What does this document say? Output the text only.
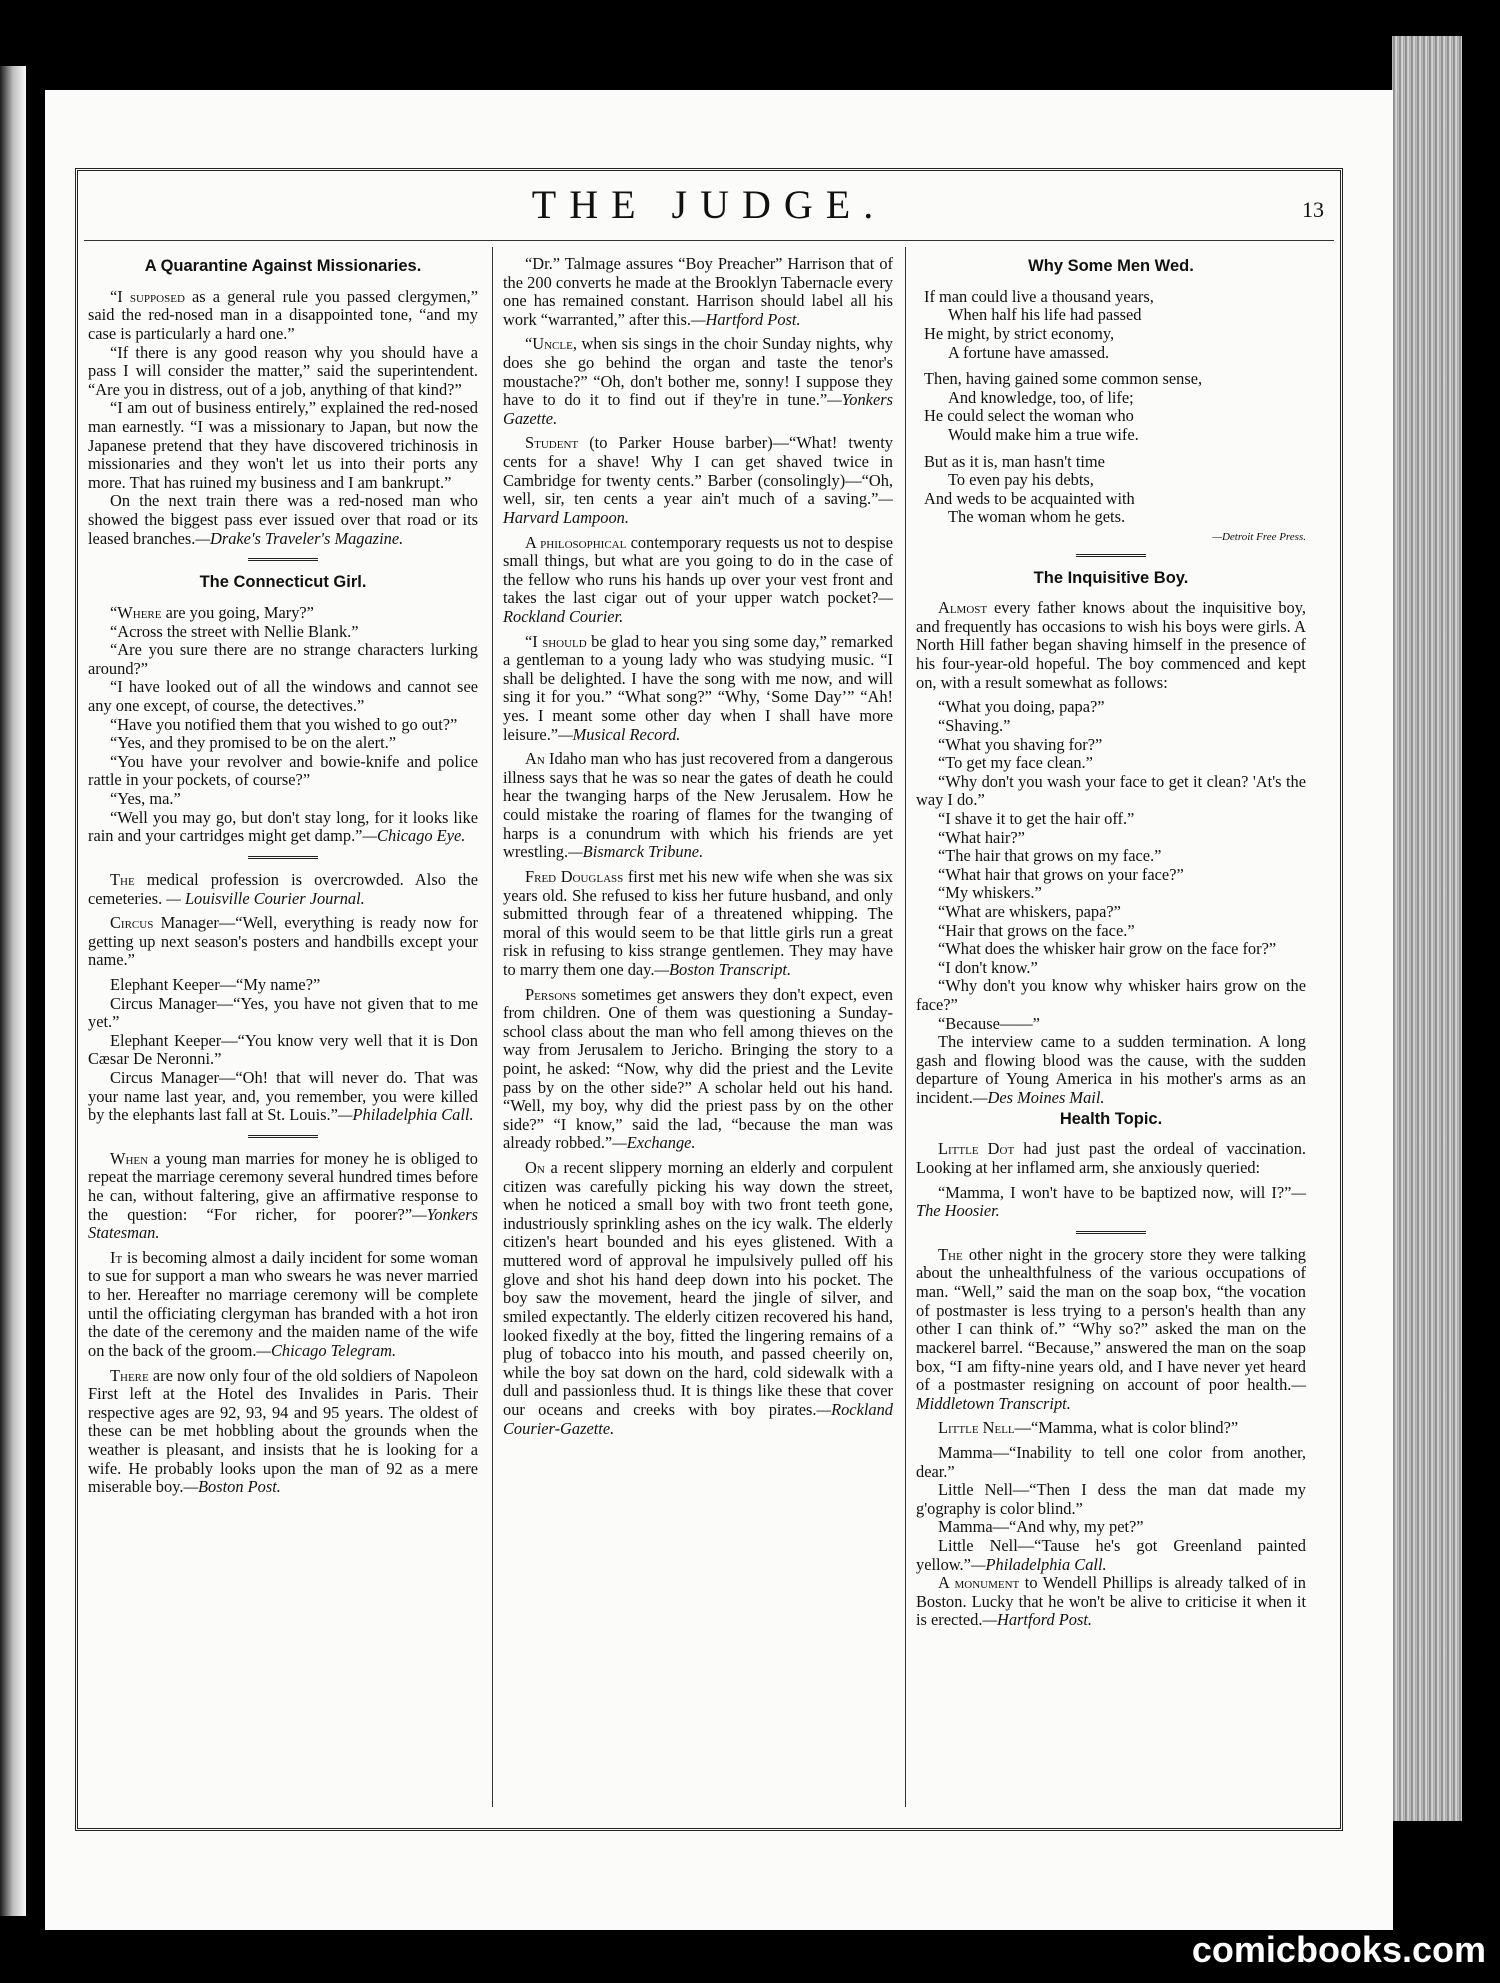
THE JUDGE.	13
A Quarantine Against Missionaries.

“I supposed as a general rule you passed clergymen,” said the red-nosed man in a disappointed tone, “and my case is particularly a hard one.”

“If there is any good reason why you should have a pass I will consider the matter,” said the superintendent. “Are you in distress, out of a job, anything of that kind?”

“I am out of business entirely,” explained the red-nosed man earnestly. “I was a missionary to Japan, but now the Japanese pretend that they have discovered trichinosis in missionaries and they won't let us into their ports any more. That has ruined my business and I am bankrupt.”

On the next train there was a red-nosed man who showed the biggest pass ever issued over that road or its leased branches.—Drake's Traveler's Magazine.

The Connecticut Girl.

“Where are you going, Mary?”

“Across the street with Nellie Blank.”

“Are you sure there are no strange characters lurking around?”

“I have looked out of all the windows and cannot see any one except, of course, the detectives.”

“Have you notified them that you wished to go out?”

“Yes, and they promised to be on the alert.”

“You have your revolver and bowie-knife and police rattle in your pockets, of course?”

“Yes, ma.”

“Well you may go, but don't stay long, for it looks like rain and your cartridges might get damp.”—Chicago Eye.

The medical profession is overcrowded. Also the cemeteries. — Louisville Courier Journal.

Circus Manager—“Well, everything is ready now for getting up next season's posters and handbills except your name.”

Elephant Keeper—“My name?”

Circus Manager—“Yes, you have not given that to me yet.”

Elephant Keeper—“You know very well that it is Don Cæsar De Neronni.”

Circus Manager—“Oh! that will never do. That was your name last year, and, you remember, you were killed by the elephants last fall at St. Louis.”—Philadelphia Call.

When a young man marries for money he is obliged to repeat the marriage ceremony several hundred times before he can, without faltering, give an affirmative response to the question: “For richer, for poorer?”—Yonkers Statesman.

It is becoming almost a daily incident for some woman to sue for support a man who swears he was never married to her. Hereafter no marriage ceremony will be complete until the officiating clergyman has branded with a hot iron the date of the ceremony and the maiden name of the wife on the back of the groom.—Chicago Telegram.

There are now only four of the old soldiers of Napoleon First left at the Hotel des Invalides in Paris. Their respective ages are 92, 93, 94 and 95 years. The oldest of these can be met hobbling about the grounds when the weather is pleasant, and insists that he is looking for a wife. He probably looks upon the man of 92 as a mere miserable boy.—Boston Post.

“Dr.” Talmage assures “Boy Preacher” Harrison that of the 200 converts he made at the Brooklyn Tabernacle every one has remained constant. Harrison should label all his work “warranted,” after this.—Hartford Post.

“Uncle, when sis sings in the choir Sunday nights, why does she go behind the organ and taste the tenor's moustache?” “Oh, don't bother me, sonny! I suppose they have to do it to find out if they're in tune.”—Yonkers Gazette.

Student (to Parker House barber)—“What! twenty cents for a shave! Why I can get shaved twice in Cambridge for twenty cents.” Barber (consolingly)—“Oh, well, sir, ten cents a year ain't much of a saving.”—Harvard Lampoon.

A philosophical contemporary requests us not to despise small things, but what are you going to do in the case of the fellow who runs his hands up over your vest front and takes the last cigar out of your upper watch pocket?—Rockland Courier.

“I should be glad to hear you sing some day,” remarked a gentleman to a young lady who was studying music. “I shall be delighted. I have the song with me now, and will sing it for you.” “What song?” “Why, ‘Some Day’” “Ah! yes. I meant some other day when I shall have more leisure.”—Musical Record.

An Idaho man who has just recovered from a dangerous illness says that he was so near the gates of death he could hear the twanging harps of the New Jerusalem. How he could mistake the roaring of flames for the twanging of harps is a conundrum with which his friends are yet wrestling.—Bismarck Tribune.

Fred Douglass first met his new wife when she was six years old. She refused to kiss her future husband, and only submitted through fear of a threatened whipping. The moral of this would seem to be that little girls run a great risk in refusing to kiss strange gentlemen. They may have to marry them one day.—Boston Transcript.

Persons sometimes get answers they don't expect, even from children. One of them was questioning a Sunday-school class about the man who fell among thieves on the way from Jerusalem to Jericho. Bringing the story to a point, he asked: “Now, why did the priest and the Levite pass by on the other side?” A scholar held out his hand. “Well, my boy, why did the priest pass by on the other side?” “I know,” said the lad, “because the man was already robbed.”—Exchange.

On a recent slippery morning an elderly and corpulent citizen was carefully picking his way down the street, when he noticed a small boy with two front teeth gone, industriously sprinkling ashes on the icy walk. The elderly citizen's heart bounded and his eyes glistened. With a muttered word of approval he impulsively pulled off his glove and shot his hand deep down into his pocket. The boy saw the movement, heard the jingle of silver, and smiled expectantly. The elderly citizen recovered his hand, looked fixedly at the boy, fitted the lingering remains of a plug of tobacco into his mouth, and passed cheerily on, while the boy sat down on the hard, cold sidewalk with a dull and passionless thud. It is things like these that cover our oceans and creeks with boy pirates.—Rockland Courier-Gazette.

Why Some Men Wed.
If man could live a thousand years,
When half his life had passed
He might, by strict economy,
A fortune have amassed.

Then, having gained some common sense,
And knowledge, too, of life;
He could select the woman who
Would make him a true wife.

But as it is, man hasn't time
To even pay his debts,
And weds to be acquainted with
The woman whom he gets.
—Detroit Free Press.
The Inquisitive Boy.

Almost every father knows about the inquisitive boy, and frequently has occasions to wish his boys were girls. A North Hill father began shaving himself in the presence of his four-year-old hopeful. The boy commenced and kept on, with a result somewhat as follows:

“What you doing, papa?”

“Shaving.”

“What you shaving for?”

“To get my face clean.”

“Why don't you wash your face to get it clean? 'At's the way I do.”

“I shave it to get the hair off.”

“What hair?”

“The hair that grows on my face.”

“What hair that grows on your face?”

“My whiskers.”

“What are whiskers, papa?”

“Hair that grows on the face.”

“What does the whisker hair grow on the face for?”

“I don't know.”

“Why don't you know why whisker hairs grow on the face?”

“Because——”

The interview came to a sudden termination. A long gash and flowing blood was the cause, with the sudden departure of Young America in his mother's arms as an incident.—Des Moines Mail.

Health Topic.

Little Dot had just past the ordeal of vaccination. Looking at her inflamed arm, she anxiously queried:

“Mamma, I won't have to be baptized now, will I?”—The Hoosier.

The other night in the grocery store they were talking about the unhealthfulness of the various occupations of man. “Well,” said the man on the soap box, “the vocation of postmaster is less trying to a person's health than any other I can think of.” “Why so?” asked the man on the mackerel barrel. “Because,” answered the man on the soap box, “I am fifty-nine years old, and I have never yet heard of a postmaster resigning on account of poor health.—Middletown Transcript.

Little Nell—“Mamma, what is color blind?”

Mamma—“Inability to tell one color from another, dear.”

Little Nell—“Then I dess the man dat made my g'ography is color blind.”

Mamma—“And why, my pet?”

Little Nell—“Tause he's got Greenland painted yellow.”—Philadelphia Call.

A monument to Wendell Phillips is already talked of in Boston. Lucky that he won't be alive to criticise it when it is erected.—Hartford Post.

comicbooks.com
